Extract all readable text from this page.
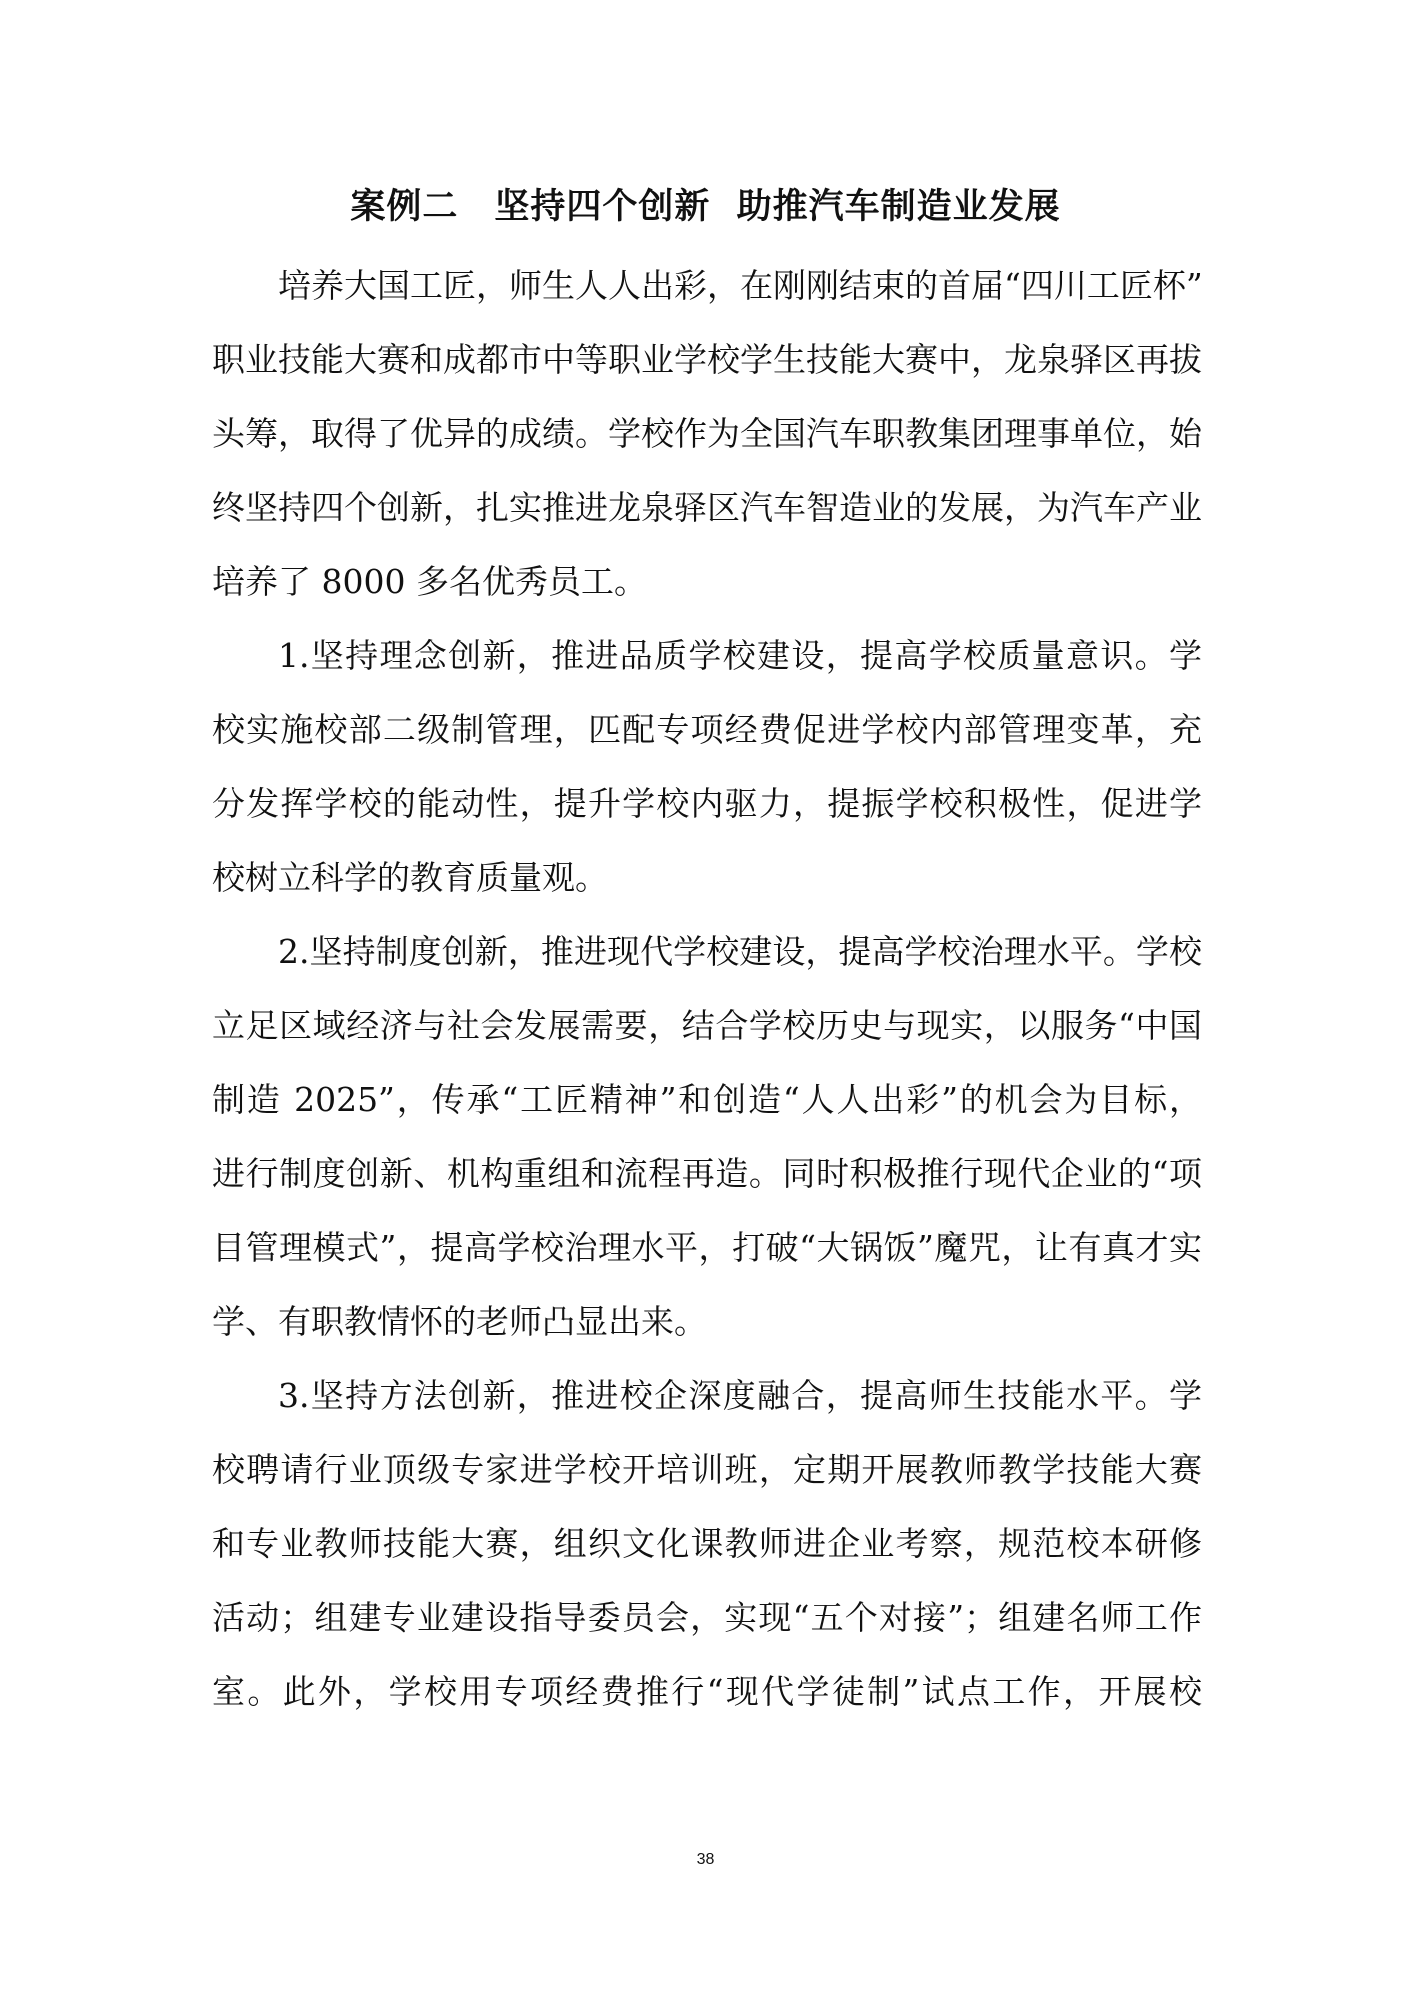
案例二　坚持四个创新  助推汽车制造业发展
培养大国工匠，师生人人出彩，在刚刚结束的首届“四川工匠杯”
职业技能大赛和成都市中等职业学校学生技能大赛中，龙泉驿区再拔
头筹，取得了优异的成绩。学校作为全国汽车职教集团理事单位，始
终坚持四个创新，扎实推进龙泉驿区汽车智造业的发展，为汽车产业
培养了 8000 多名优秀员工。
1.坚持理念创新，推进品质学校建设，提高学校质量意识。学
校实施校部二级制管理，匹配专项经费促进学校内部管理变革，充
分发挥学校的能动性，提升学校内驱力，提振学校积极性，促进学
校树立科学的教育质量观。
2.坚持制度创新，推进现代学校建设，提高学校治理水平。学校
立足区域经济与社会发展需要，结合学校历史与现实，以服务“中国
制造 2025”，传承“工匠精神”和创造“人人出彩”的机会为目标，
进行制度创新、机构重组和流程再造。同时积极推行现代企业的“项
目管理模式”，提高学校治理水平，打破“大锅饭”魔咒，让有真才实
学、有职教情怀的老师凸显出来。
3.坚持方法创新，推进校企深度融合，提高师生技能水平。学
校聘请行业顶级专家进学校开培训班，定期开展教师教学技能大赛
和专业教师技能大赛，组织文化课教师进企业考察，规范校本研修
活动；组建专业建设指导委员会，实现“五个对接”；组建名师工作
室。此外，学校用专项经费推行“现代学徒制”试点工作，开展校
38
